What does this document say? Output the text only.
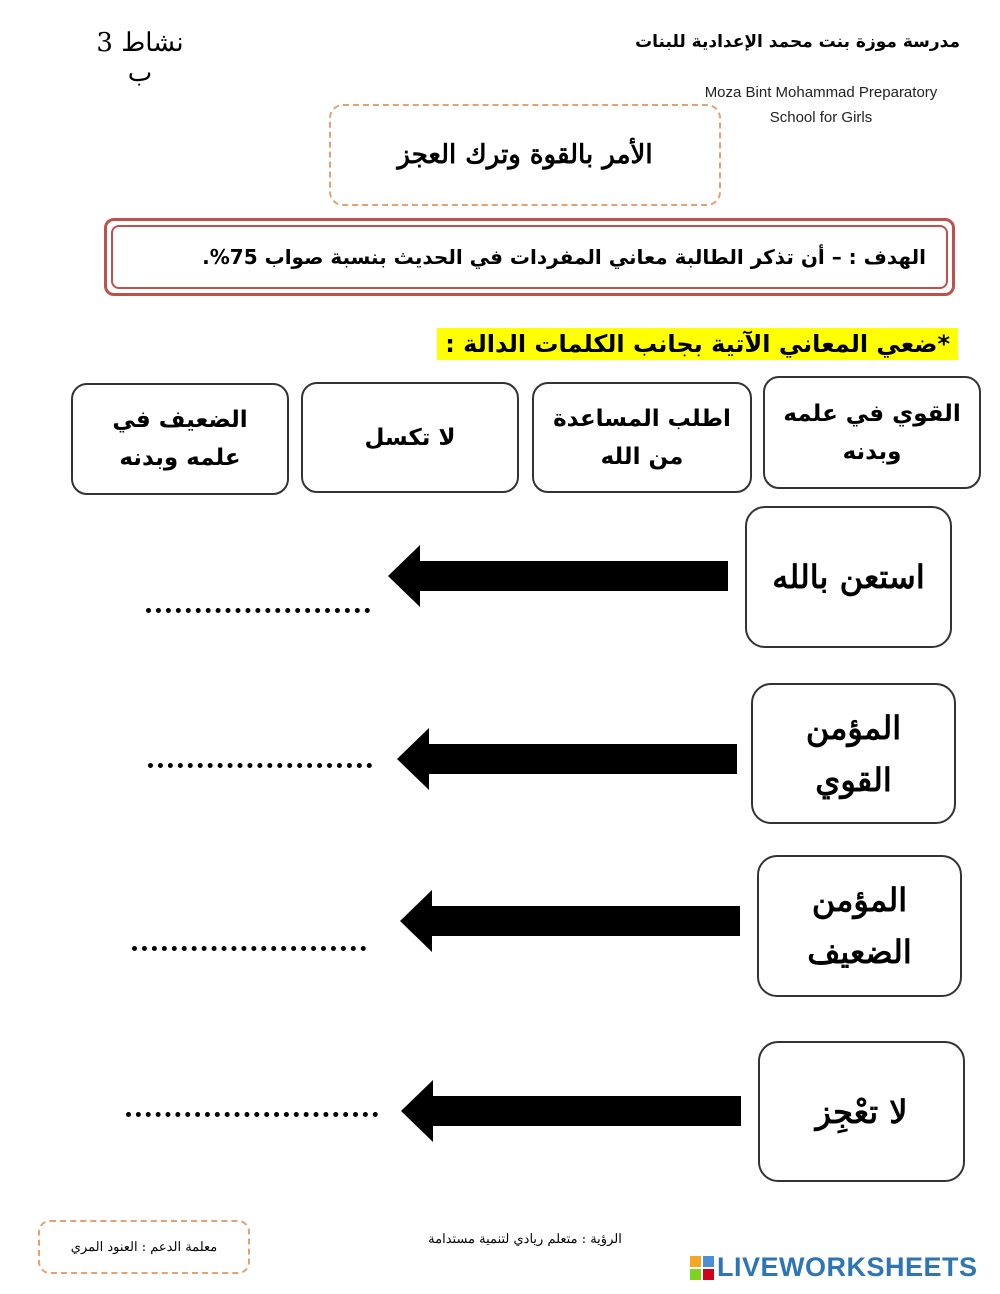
مدرسة موزة بنت محمد الإعدادية للبنات
Moza Bint Mohammad Preparatory
School for Girls
نشاط 3
ب
الأمر بالقوة وترك العجز
الهدف : – أن تذكر الطالبة معاني المفردات في الحديث بنسبة صواب 75%.
*ضعي المعاني الآتية بجانب الكلمات الدالة :
القوي في علمه
وبدنه
اطلب المساعدة
من الله
لا تكسل
الضعيف في
علمه وبدنه
استعن بالله
المؤمن
القوي
المؤمن
الضعيف
لا تعْجِز
معلمة الدعم : العنود المري	الرؤية : متعلم ريادي لتنمية مستدامة
LIVEWORKSHEETS
